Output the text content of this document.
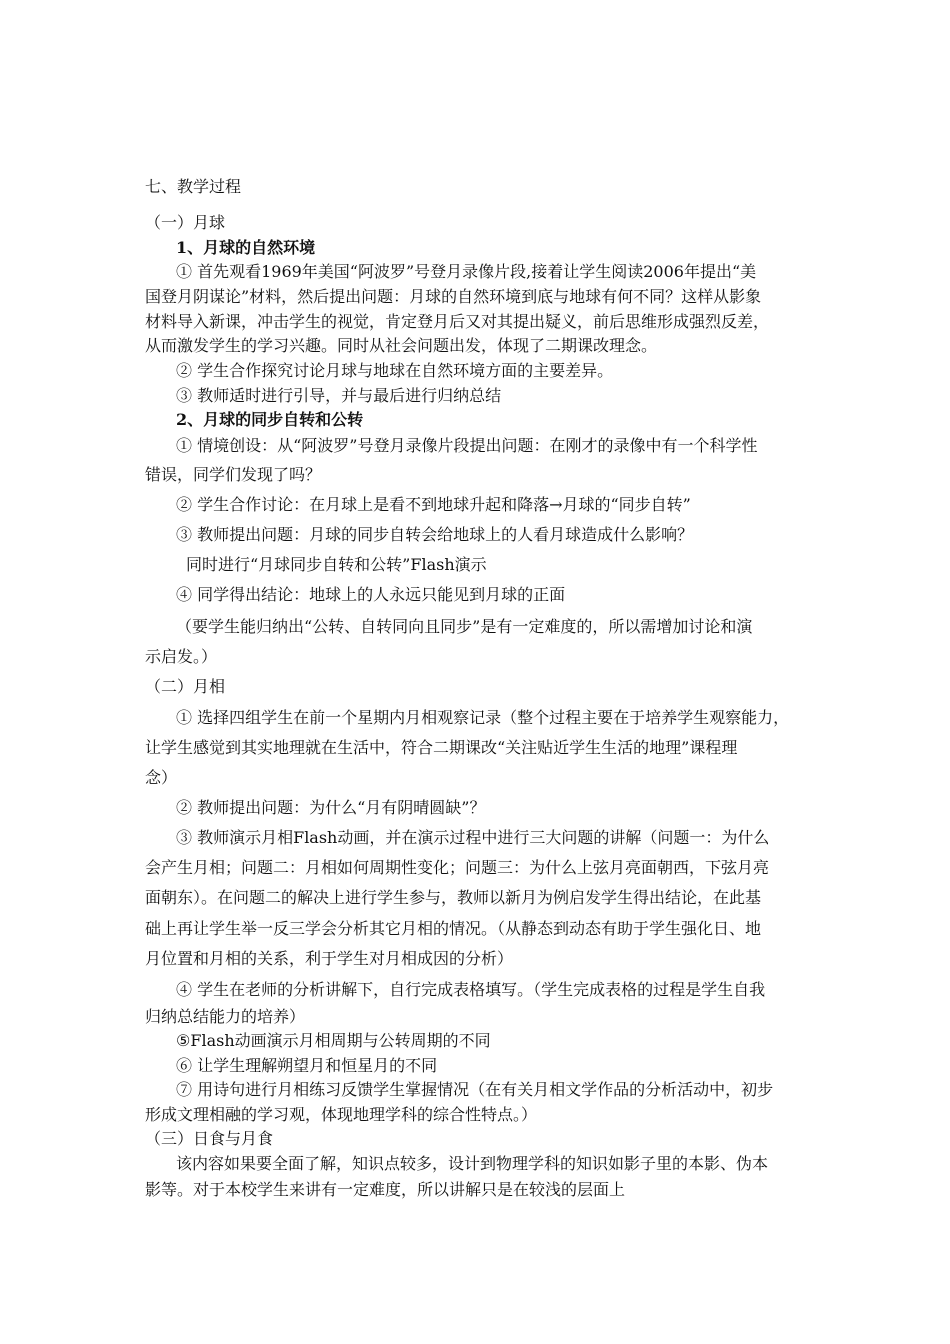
七、教学过程
（一）月球
1、月球的自然环境
① 首先观看1969年美国“阿波罗”号登月录像片段,接着让学生阅读2006年提出“美
国登月阴谋论”材料，然后提出问题：月球的自然环境到底与地球有何不同？这样从影象
材料导入新课，冲击学生的视觉，肯定登月后又对其提出疑义，前后思维形成强烈反差，
从而激发学生的学习兴趣。同时从社会问题出发，体现了二期课改理念。
② 学生合作探究讨论月球与地球在自然环境方面的主要差异。
③ 教师适时进行引导，并与最后进行归纳总结
2、月球的同步自转和公转
① 情境创设：从“阿波罗”号登月录像片段提出问题：在刚才的录像中有一个科学性
错误，同学们发现了吗？
② 学生合作讨论：在月球上是看不到地球升起和降落→月球的“同步自转”
③ 教师提出问题：月球的同步自转会给地球上的人看月球造成什么影响？
同时进行“月球同步自转和公转”Flash演示
④ 同学得出结论：地球上的人永远只能见到月球的正面
（要学生能归纳出“公转、自转同向且同步”是有一定难度的，所以需增加讨论和演
示启发。）
（二）月相
① 选择四组学生在前一个星期内月相观察记录（整个过程主要在于培养学生观察能力，
让学生感觉到其实地理就在生活中，符合二期课改“关注贴近学生生活的地理”课程理
念）
② 教师提出问题：为什么“月有阴晴圆缺”？
③ 教师演示月相Flash动画，并在演示过程中进行三大问题的讲解（问题一：为什么
会产生月相；问题二：月相如何周期性变化；问题三：为什么上弦月亮面朝西，下弦月亮
面朝东）。在问题二的解决上进行学生参与，教师以新月为例启发学生得出结论，在此基
础上再让学生举一反三学会分析其它月相的情况。（从静态到动态有助于学生强化日、地
月位置和月相的关系，利于学生对月相成因的分析）
④ 学生在老师的分析讲解下，自行完成表格填写。（学生完成表格的过程是学生自我
归纳总结能力的培养）
⑤Flash动画演示月相周期与公转周期的不同
⑥ 让学生理解朔望月和恒星月的不同
⑦ 用诗句进行月相练习反馈学生掌握情况（在有关月相文学作品的分析活动中，初步
形成文理相融的学习观，体现地理学科的综合性特点。）
（三）日食与月食
该内容如果要全面了解，知识点较多，设计到物理学科的知识如影子里的本影、伪本
影等。对于本校学生来讲有一定难度，所以讲解只是在较浅的层面上
